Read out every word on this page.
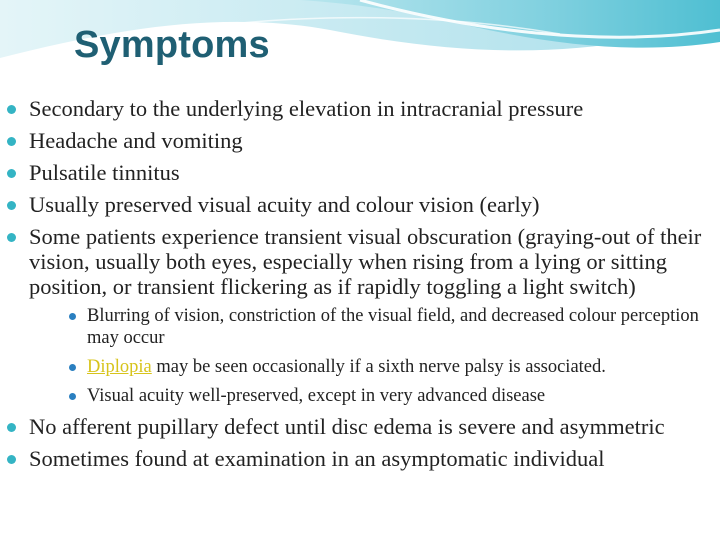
Symptoms
Secondary to the underlying elevation in intracranial pressure
Headache and vomiting
Pulsatile tinnitus
Usually preserved visual acuity and colour vision (early)
Some patients experience transient visual obscuration (graying-out of their vision, usually both eyes, especially when rising from a lying or sitting position, or transient flickering as if rapidly toggling a light switch)
Blurring of vision, constriction of the visual field, and decreased colour perception may occur
Diplopia may be seen occasionally if a sixth nerve palsy is associated.
Visual acuity well-preserved, except in very advanced disease
No afferent pupillary defect until disc edema is severe and asymmetric
Sometimes found at examination in an asymptomatic individual
